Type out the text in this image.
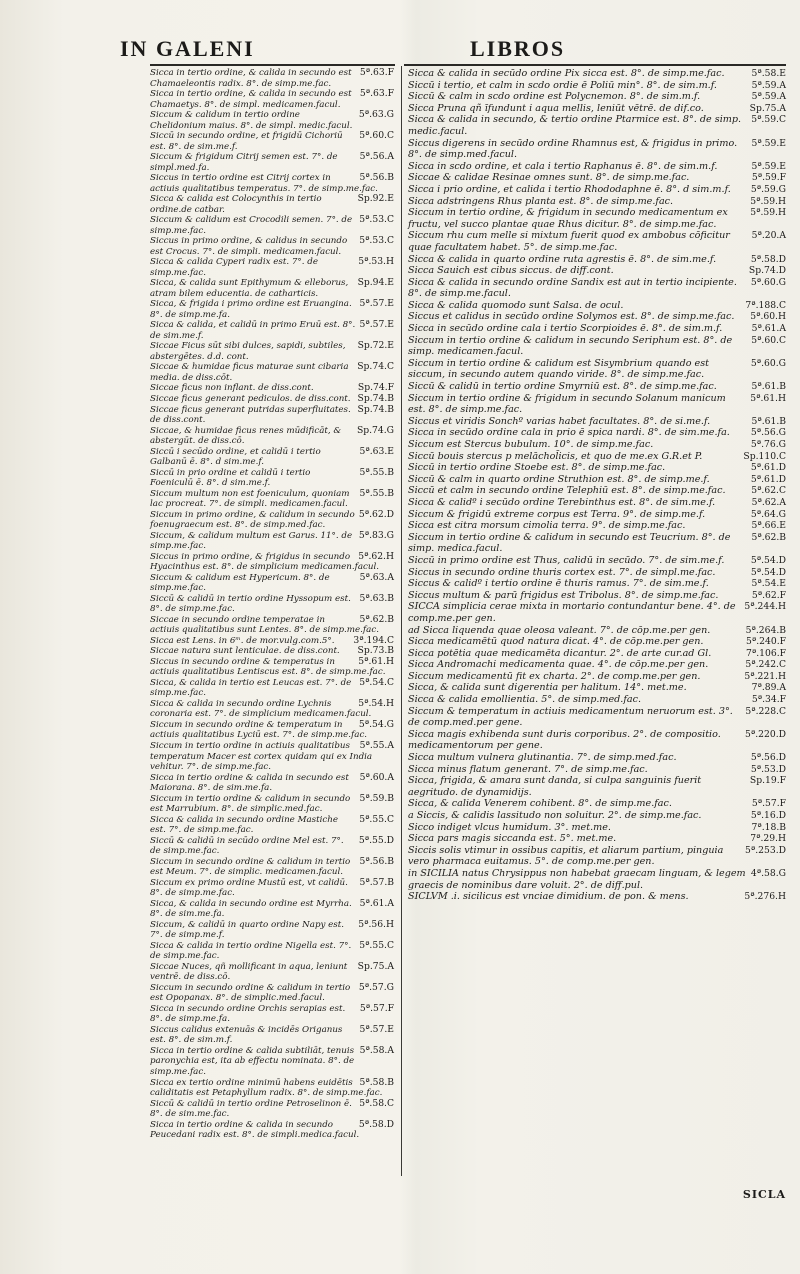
IN GALENI	LIBROS
5ª.63.F
Sicca in tertio ordine, & calida in secundo est Chamaeleontis radix. 8°. de simp.me.fac.
5ª.63.F
Sicca in tertio ordine, & calida in secundo est Chamaetys. 8°. de simpl. medicamen.facul.
5ª.63.G
Siccum & calidum in tertio ordine Chelidonium maius. 8°. de simpl. medic.facul.
5ª.60.C
Siccū in secundo ordine, et frigidū Cichoriū est. 8°. de sim.me.f.
5ª.56.A
Siccum & frigidum Citrij semen est. 7°. de simpl.med.fa.
5ª.56.B
Siccus in tertio ordine est Citrij cortex in actiuis qualitatibus temperatus. 7°. de simp.me.fac.
Sp.92.E
Sicca & calida est Colocynthis in tertio ordine.de catbar.
5ª.53.C
Siccum & calidum est Crocodili semen. 7°. de simp.me.fac.
5ª.53.C
Siccus in primo ordine, & calidus in secundo est Crocus. 7°. de simpli. medicamen.facul.
5ª.53.H
Sicca & calida Cyperi radix est. 7°. de simp.me.fac.
Sp.94.E
Sicca, & calida sunt Epithymum & elleborus, atram bilem educentia. de catharticis.
5ª.57.E
Sicca, & frigida i primo ordine est Eruangina. 8°. de simp.me.fa.
5ª.57.E
Sicca & calida, et calidū in primo Eruū est. 8°. de sim.me.f.
Sp.72.E
Siccae Ficus sūt sibi dulces, sapidi, subtiles, abstergētes. d.d. cont.
Sp.74.C
Siccae & humidae ficus maturae sunt cibaria media. de diss.cōt.
Sp.74.F
Siccae ficus non inflant. de diss.cont.
Sp.74.B
Siccae ficus generant pediculos. de diss.cont.
Sp.74.B
Siccae ficus generant putridas superfluitates. de diss.cont.
Sp.74.G
Siccae, & humidae ficus renes mūdificāt, & abstergūt. de diss.cō.
5ª.63.E
Siccū i secūdo ordine, et calidū i tertio Galbanū ē. 8°. d sim.me.f.
5ª.55.B
Siccū in prio ordine et calidū i tertio Foeniculū ē. 8°. d sim.me.f.
5ª.55.B
Siccum multum non est foeniculum, quoniam lac procreat. 7°. de simpli. medicamen.facul.
5ª.62.D
Siccum in primo ordine, & calidum in secundo foenugraecum est. 8°. de simp.med.fac.
5ª.83.G
Siccum, & calidum multum est Garus. 11°. de simp.me.fac.
5ª.62.H
Siccus in primo ordine, & frigidus in secundo Hyacinthus est. 8°. de simplicium medicamen.facul.
5ª.63.A
Siccum & calidum est Hypericum. 8°. de simp.me.fac.
5ª.63.B
Siccū & calidū in tertio ordine Hyssopum est. 8°. de simp.me.fac.
5ª.62.B
Siccae in secundo ordine temperatae in actiuis qualitatibus sunt Lentes. 8°. de simp.me.fac.
3ª.194.C
Sicca est Lens. in 6ᵐ. de mor.vulg.com.5°.
Sp.73.B
Siccae natura sunt lenticulae. de diss.cont.
5ª.61.H
Siccus in secundo ordine & temperatus in actiuis qualitatibus Lentiscus est. 8°. de simp.me.fac.
5ª.54.C
Sicca, & calida in tertio est Leucas est. 7°. de simp.me.fac.
5ª.54.H
Sicca & calida in secundo ordine Lychnis coronaria est. 7°. de simplicium medicamen.facul.
5ª.54.G
Siccum in secundo ordine & temperatum in actiuis qualitatibus Lyciū est. 7°. de simp.me.fac.
5ª.55.A
Siccum in tertio ordine in actiuis qualitatibus temperatum Macer est cortex quidam qui ex India vehitur. 7°. de simp.me.fac.
5ª.60.A
Sicca in tertio ordine & calida in secundo est Maiorana. 8°. de sim.me.fa.
5ª.59.B
Siccum in tertio ordine & calidum in secundo est Marrubium. 8°. de simplic.med.fac.
5ª.55.C
Sicca & calida in secundo ordine Mastiche est. 7°. de simp.me.fac.
5ª.55.D
Siccū & calidū in secūdo ordine Mel est. 7°. de simp.me.fac.
5ª.56.B
Siccum in secundo ordine & calidum in tertio est Meum. 7°. de simplic. medicamen.facul.
5ª.57.B
Siccum ex primo ordine Mustū est, vt calidū. 8°. de simp.me.fac.
5ª.61.A
Sicca, & calida in secundo ordine est Myrrha. 8°. de sim.me.fa.
5ª.56.H
Siccum, & calidū in quarto ordine Napy est. 7°. de simp.me.f.
5ª.55.C
Sicca & calida in tertio ordine Nigella est. 7°. de simp.me.fac.
Sp.75.A
Siccae Nuces, qñ mollificant in aqua, leniunt ventrē. de diss.cō.
5ª.57.G
Siccum in secundo ordine & calidum in tertio est Opopanax. 8°. de simplic.med.facul.
5ª.57.F
Sicca in secundo ordine Orchis serapias est. 8°. de simp.me.fa.
5ª.57.E
Siccus calidus extenuās & incidēs Origanus est. 8°. de sim.m.f.
5ª.58.A
Sicca in tertio ordine & calida subtiliāt, tenuis paronychia est, ita ab effectu nominata. 8°. de simp.me.fac.
5ª.58.B
Sicca ex tertio ordine minimū habens euidētis caliditatis est Petaphyllum radix. 8°. de simp.me.fac.
5ª.58.C
Siccū & calidū in tertio ordine Petroselinon ē. 8°. de sim.me.fac.
5ª.58.D
Sicca in tertio ordine & calida in secundo Peucedani radix est. 8°. de simpli.medica.facul.
5ª.58.E
Sicca & calida in secūdo ordine Pix sicca est. 8°. de simp.me.fac.
5ª.59.A
Siccū i tertio, et calm in scdo ordie ē Poliū min°. 8°. de sim.m.f.
5ª.59.A
Siccū & calm in scdo ordine est Polycnemon. 8°. de sim.m.f.
Sp.75.A
Sicca Pruna qñ īfundunt i aqua mellis, leniūt vētrē. de dif.co.
5ª.59.C
Sicca & calida in secundo, & tertio ordine Ptarmice est. 8°. de simp. medic.facul.
5ª.59.E
Siccus digerens in secūdo ordine Rhamnus est, & frigidus in primo. 8°. de simp.med.facul.
5ª.59.E
Sicca in scdo ordine, et cala i tertio Raphanus ē. 8°. de sim.m.f.
5ª.59.F
Siccae & calidae Resinae omnes sunt. 8°. de simp.me.fac.
5ª.59.G
Sicca i prio ordine, et calida i tertio Rhododaphne ē. 8°. d sim.m.f.
5ª.59.H
Sicca adstringens Rhus planta est. 8°. de simp.me.fac.
5ª.59.H
Siccum in tertio ordine, & frigidum in secundo medicamentum ex fructu, vel succo plantae quae Rhus dicitur. 8°. de simp.me.fac.
5ª.20.A
Siccum rhu cum melle si mixtum fuerit quod ex ambobus cōficitur quae facultatem habet. 5°. de simp.me.fac.
5ª.58.D
Sicca & calida in quarto ordine ruta agrestis ē. 8°. de sim.me.f.
Sp.74.D
Sicca Sauich est cibus siccus. de diff.cont.
5ª.60.G
Sicca & calida in secundo ordine Sandix est aut in tertio incipiente. 8°. de simp.me.facul.
7ª.188.C
Sicca & calida quomodo sunt Salsa. de ocul.
5ª.60.H
Siccus et calidus in secūdo ordine Solymos est. 8°. de simp.me.fac.
5ª.61.A
Sicca in secūdo ordine cala i tertio Scorpioides ē. 8°. de sim.m.f.
5ª.60.C
Siccum in tertio ordine & calidum in secundo Seriphum est. 8°. de simp. medicamen.facul.
5ª.60.G
Siccum in tertio ordine & calidum est Sisymbrium quando est siccum, in secundo autem quando viride. 8°. de simp.me.fac.
5ª.61.B
Siccū & calidū in tertio ordine Smyrniū est. 8°. de simp.me.fac.
5ª.61.H
Siccum in tertio ordine & frigidum in secundo Solanum manicum est. 8°. de simp.me.fac.
5ª.61.B
Siccus et viridis Sonchº varias habet facultates. 8°. de si.me.f.
5ª.56.G
Sicca in secūdo ordine cala in prio ē spica nardi. 8°. de sim.me.fa.
5ª.76.G
Siccum est Stercus bubulum. 10°. de simp.me.fac.
Sp.110.C
Siccū bouis stercus p melāchol̄icis, et quo de me.ex G.R.et P.
5ª.61.D
Siccū in tertio ordine Stoebe est. 8°. de simp.me.fac.
5ª.61.D
Siccū & calm in quarto ordine Struthion est. 8°. de simp.me.f.
5ª.62.C
Siccū et calm in secundo ordine Telephiū est. 8°. de simp.me.fac.
5ª.62.A
Sicca & calidº i secūdo ordine Terebinthus est. 8°. de sim.me.f.
5ª.64.G
Siccum & frigidū extreme corpus est Terra. 9°. de simp.me.f.
5ª.66.E
Sicca est citra morsum cimolia terra. 9°. de simp.me.fac.
5ª.62.B
Siccum in tertio ordine & calidum in secundo est Teucrium. 8°. de simp. medica.facul.
5ª.54.D
Siccū in primo ordine est Thus, calidū in secūdo. 7°. de sim.me.f.
5ª.54.D
Siccus in secundo ordine thuris cortex est. 7°. de simpl.me.fac.
5ª.54.E
Siccus & calidº i tertio ordine ē thuris ramus. 7°. de sim.me.f.
5ª.62.F
Siccus multum & parū frigidus est Tribolus. 8°. de simp.me.fac.
5ª.244.H
SICCA simplicia cerae mixta in mortario contundantur bene. 4°. de comp.me.per gen.
5ª.264.B
ad Sicca liquenda quae oleosa valeant. 7°. de cōp.me.per gen.
5ª.240.F
Sicca medicamētū quod natura dicat. 4°. de cōp.me.per gen.
7ª.106.F
Sicca potētia quae medicamēta dicantur. 2°. de arte cur.ad Gl.
5ª.242.C
Sicca Andromachi medicamenta quae. 4°. de cōp.me.per gen.
5ª.221.H
Siccum medicamentū fit ex charta. 2°. de comp.me.per gen.
7ª.89.A
Sicca, & calida sunt digerentia per halitum. 14°. met.me.
5ª.34.F
Sicca & calida emollientia. 5°. de simp.med.fac.
5ª.228.C
Siccum & temperatum in actiuis medicamentum neruorum est. 3°. de comp.med.per gene.
5ª.220.D
Sicca magis exhibenda sunt duris corporibus. 2°. de compositio. medicamentorum per gene.
5ª.56.D
Sicca multum vulnera glutinantia. 7°. de simp.med.fac.
5ª.53.D
Sicca minus flatum generant. 7°. de simp.me.fac.
Sp.19.F
Sicca, frigida, & amara sunt danda, si culpa sanguinis fuerit aegritudo. de dynamidijs.
5ª.57.F
Sicca, & calida Venerem cohibent. 8°. de simp.me.fac.
5ª.16.D
a Siccis, & calidis lassitudo non soluitur. 2°. de simp.me.fac.
7ª.18.B
Sicco indiget vlcus humidum. 3°. met.me.
7ª.29.H
Sicca pars magis siccanda est. 5°. met.me.
5ª.253.D
Siccis solis vtimur in ossibus capitis, et aliarum partium, pinguia vero pharmaca euitamus. 5°. de comp.me.per gen.
4ª.58.G
in SICILIA natus Chrysippus non habebat graecam linguam, & legem graecis de nominibus dare voluit. 2°. de diff.pul.
5ª.276.H
SICLVM .i. sicilicus est vnciae dimidium. de pon. & mens.
SICLA
